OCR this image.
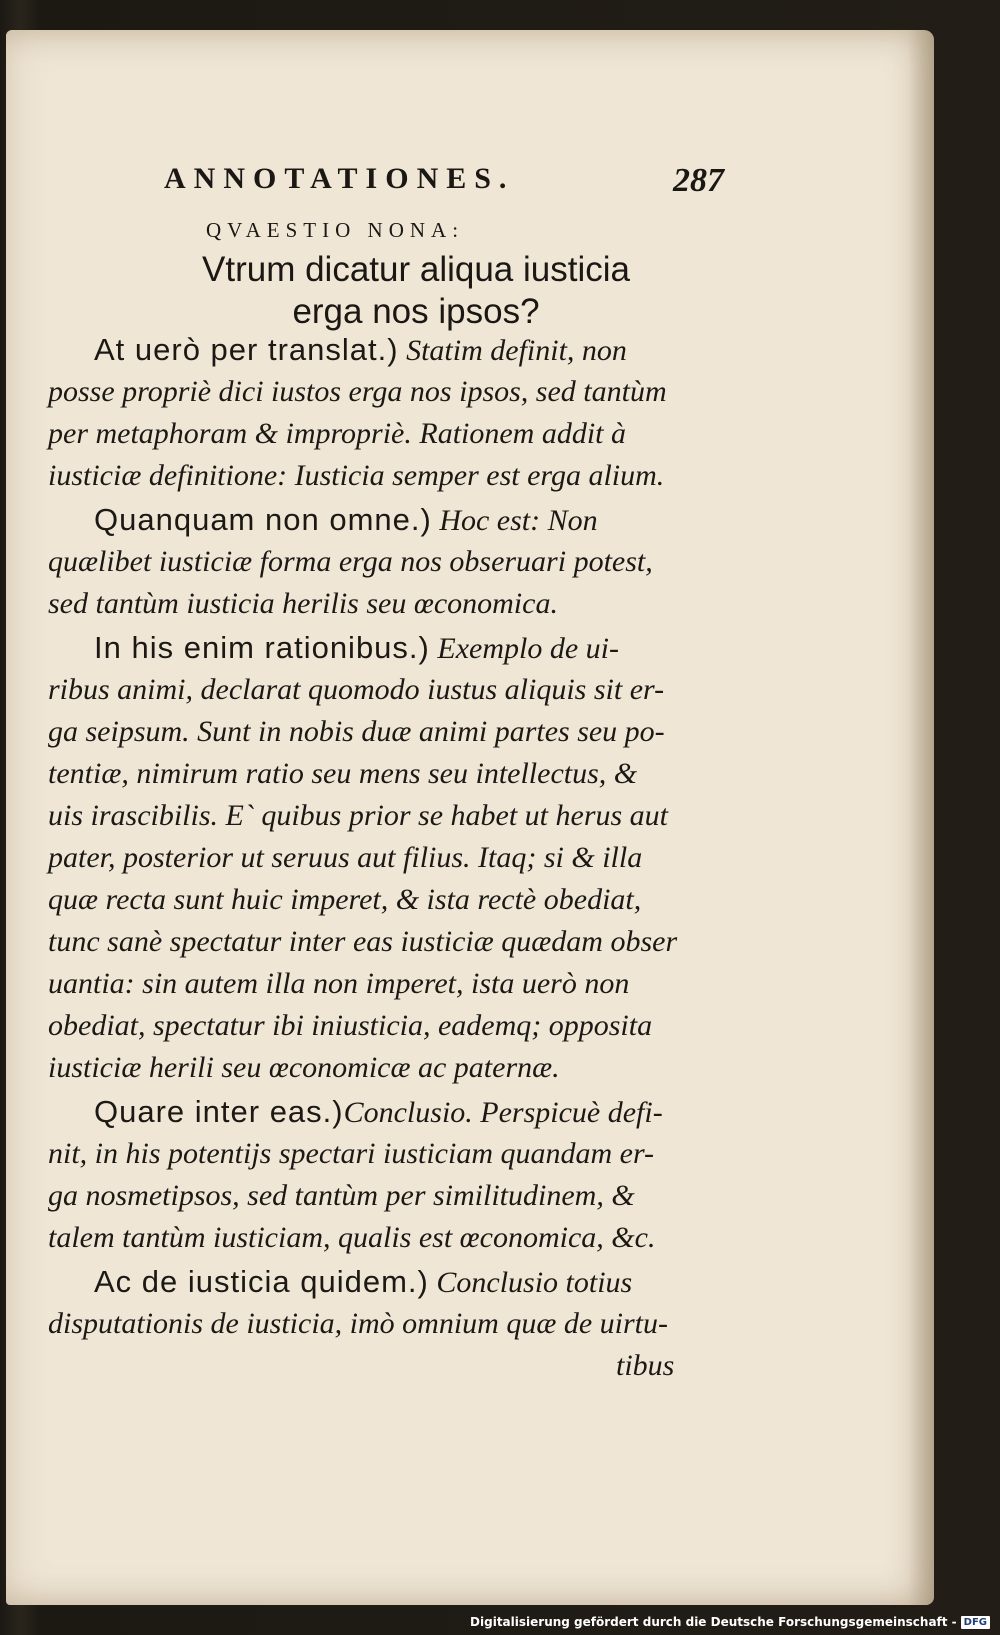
ANNOTATIONES.	287
QVAESTIO NONA:
Vtrum dicatur aliqua iusticia
erga nos ipsos?
At uerò per translat.) Statim definit, non
posse propriè dici iustos erga nos ipsos, sed tantùm
per metaphoram & impropriè. Rationem addit à
iusticiæ definitione: Iusticia semper est erga alium.
Quanquam non omne.) Hoc est: Non
quælibet iusticiæ forma erga nos obseruari potest,
sed tantùm iusticia herilis seu œconomica.
In his enim rationibus.) Exemplo de ui-
ribus animi, declarat quomodo iustus aliquis sit er-
ga seipsum. Sunt in nobis duæ animi partes seu po-
tentiæ, nimirum ratio seu mens seu intellectus, &
uis irascibilis. E` quibus prior se habet ut herus aut
pater, posterior ut seruus aut filius. Itaq; si & illa
quæ recta sunt huic imperet, & ista rectè obediat,
tunc sanè spectatur inter eas iusticiæ quædam obser
uantia: sin autem illa non imperet, ista uerò non
obediat, spectatur ibi iniusticia, eademq; opposita
iusticiæ herili seu œconomicæ ac paternæ.
Quare inter eas.)Conclusio. Perspicuè defi-
nit, in his potentijs spectari iusticiam quandam er-
ga nosmetipsos, sed tantùm per similitudinem, &
talem tantùm iusticiam, qualis est œconomica, &c.
Ac de iusticia quidem.) Conclusio totius
disputationis de iusticia, imò omnium quæ de uirtu-
tibus
Digitalisierung gefördert durch die Deutsche Forschungsgemeinschaft - DFG
